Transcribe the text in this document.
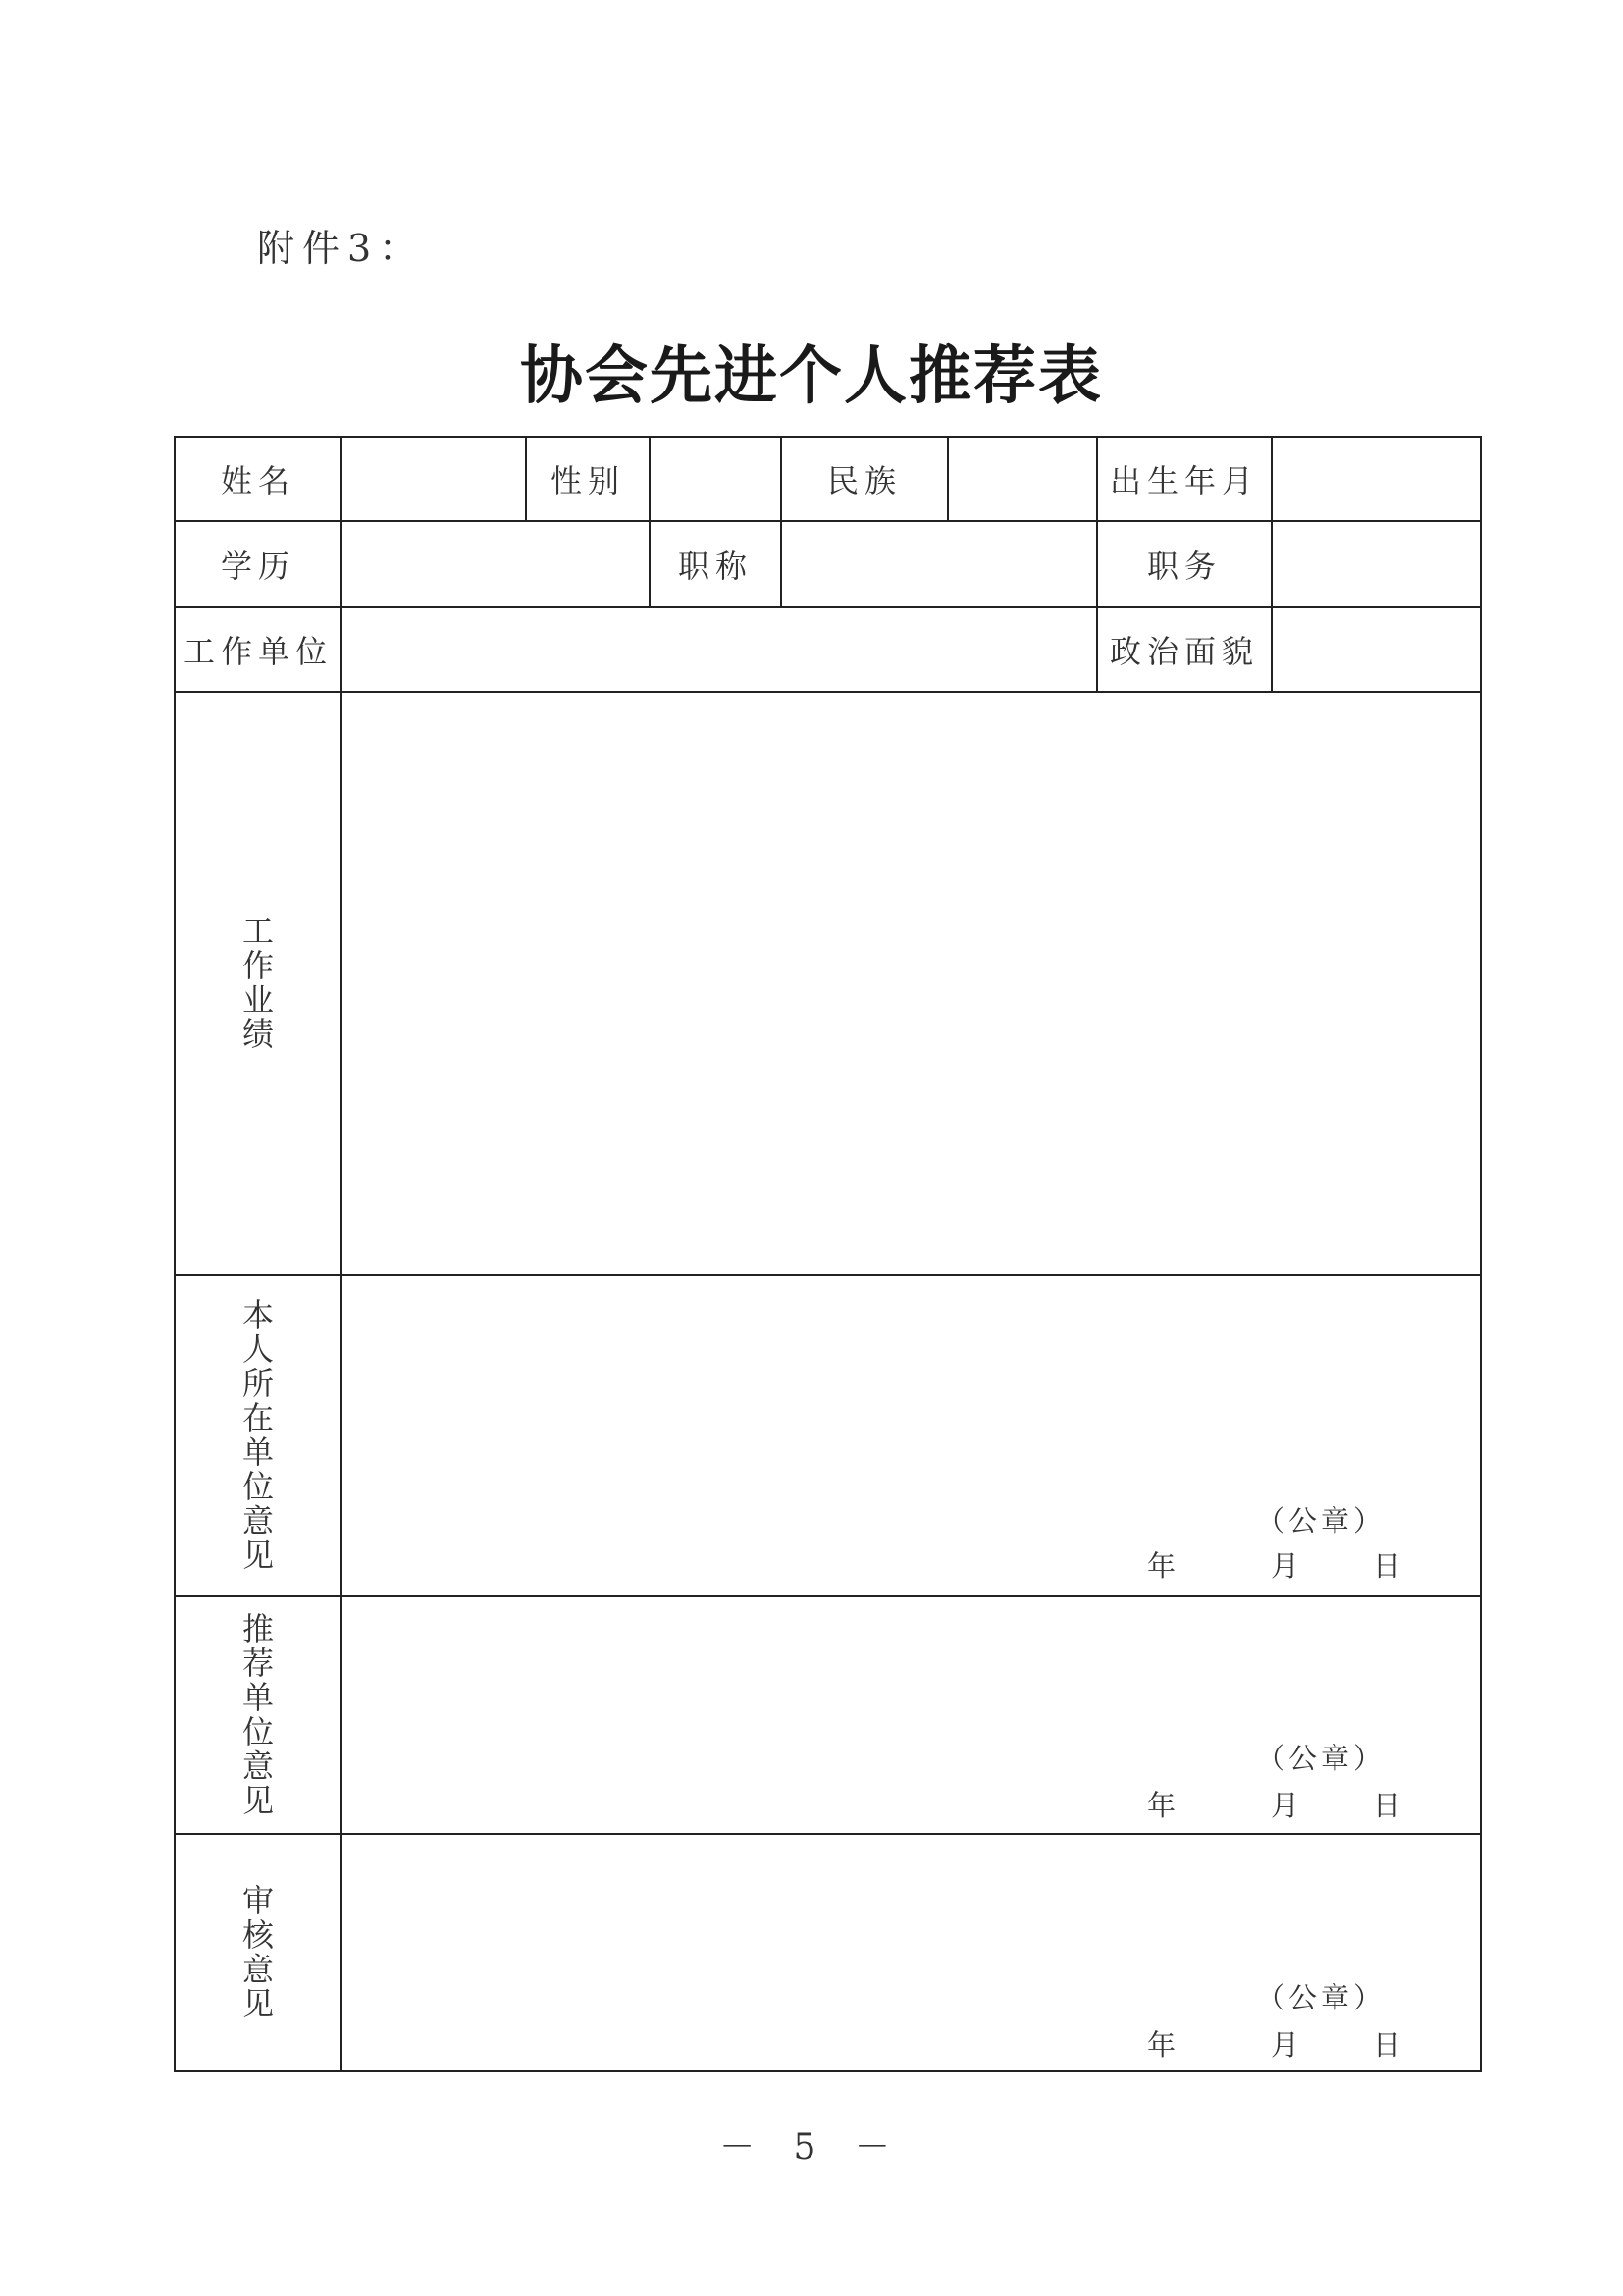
附件3：
协会先进个人推荐表
姓名		性别		民族		出生年月	
学历			职称			职务	
工作单位						政治面貌	
工作业绩							
本人所在单位意见	（公章）
年 月 日						

推荐单位意见	（公章）
年 月 日						

审核意见	（公章）
年 月 日						
－ 5 －
